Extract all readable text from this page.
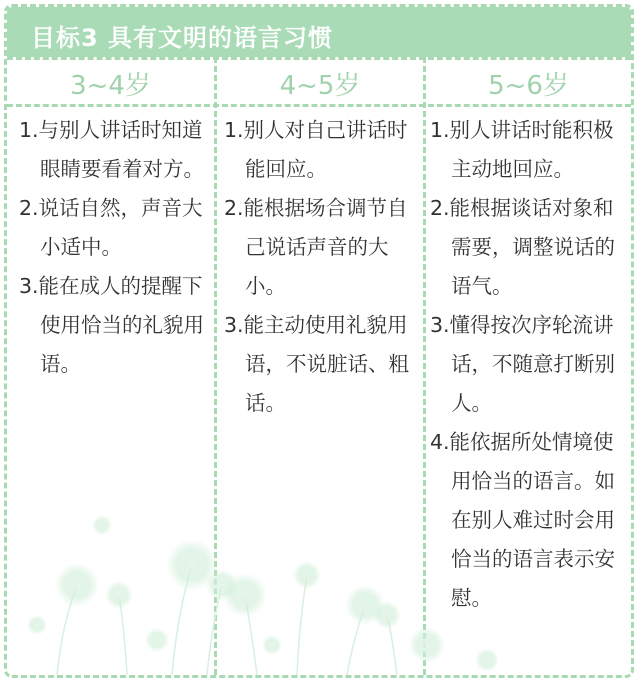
目标3 具有文明的语言习惯
3~4岁	4~5岁	5~6岁

1.与别人讲话时知道眼睛要看着对方。

2.说话自然，声音大小适中。

3.能在成人的提醒下使用恰当的礼貌用语。

1.别人对自己讲话时能回应。

2.能根据场合调节自己说话声音的大小。

3.能主动使用礼貌用语，不说脏话、粗话。

1.别人讲话时能积极主动地回应。

2.能根据谈话对象和需要，调整说话的语气。

3.懂得按次序轮流讲话，不随意打断别人。

4.能依据所处情境使用恰当的语言。如在别人难过时会用恰当的语言表示安慰。
